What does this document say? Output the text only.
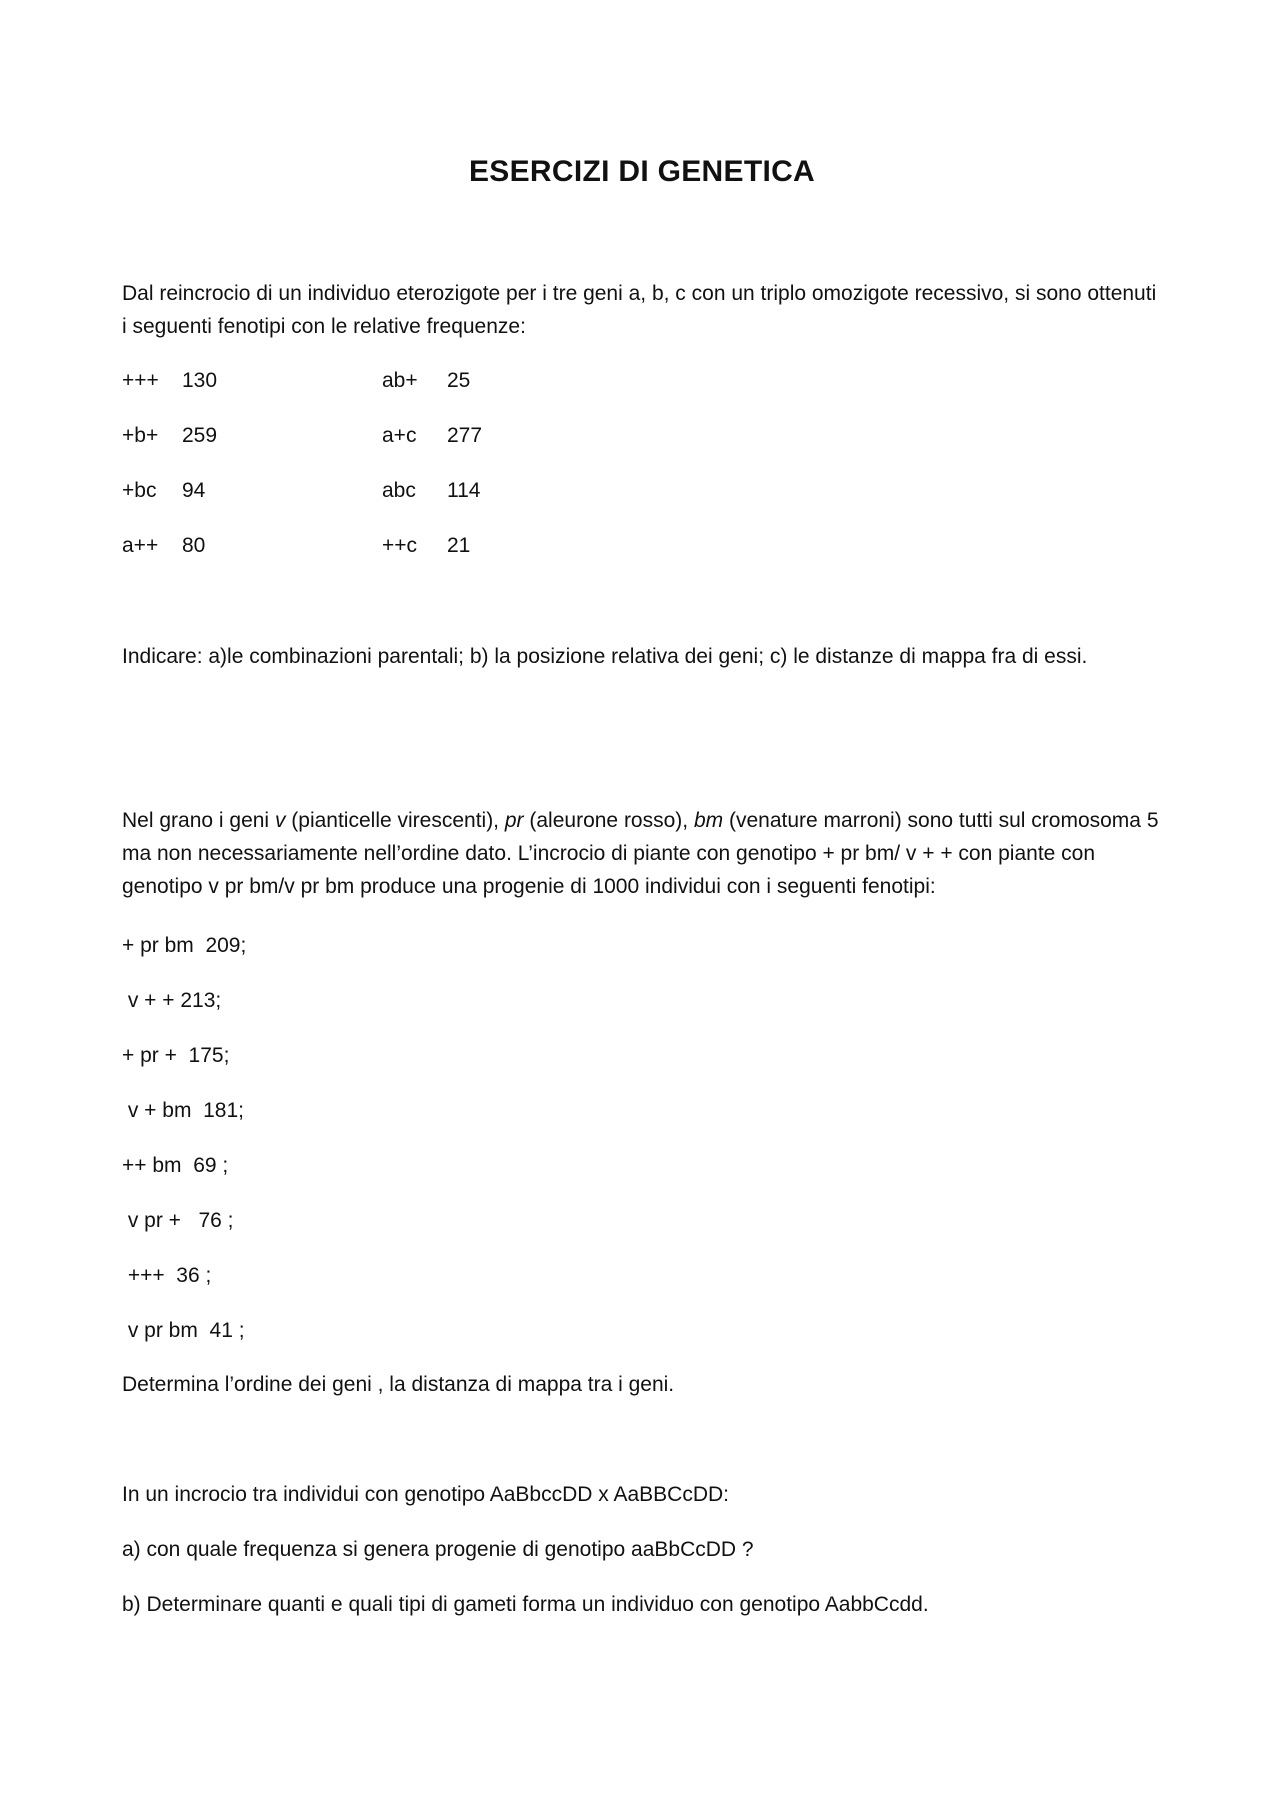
ESERCIZI DI GENETICA
Dal reincrocio di un individuo eterozigote per i tre geni a, b, c con un triplo omozigote recessivo, si sono ottenuti i seguenti fenotipi con le relative frequenze:
+++ 130	ab+ 25
+b+ 259	a+c 277
+bc 94	abc 114
a++ 80	++c 21
Indicare: a)le combinazioni parentali; b) la posizione relativa dei geni; c) le distanze di mappa fra di essi.
Nel grano i geni v (pianticelle virescenti), pr (aleurone rosso), bm (venature marroni) sono tutti sul cromosoma 5 ma non necessariamente nell’ordine dato. L’incrocio di piante con genotipo + pr bm/ v + + con piante con genotipo v pr bm/v pr bm produce una progenie di 1000 individui con i seguenti fenotipi:
+ pr bm  209;
v + + 213;
+ pr +  175;
v + bm  181;
++ bm  69 ;
v pr +   76 ;
+++  36 ;
v pr bm  41 ;
Determina l’ordine dei geni , la distanza di mappa tra i geni.
In un incrocio tra individui con genotipo AaBbccDD x AaBBCcDD:
a) con quale frequenza si genera progenie di genotipo aaBbCcDD ?
b) Determinare quanti e quali tipi di gameti forma un individuo con genotipo AabbCcdd.
